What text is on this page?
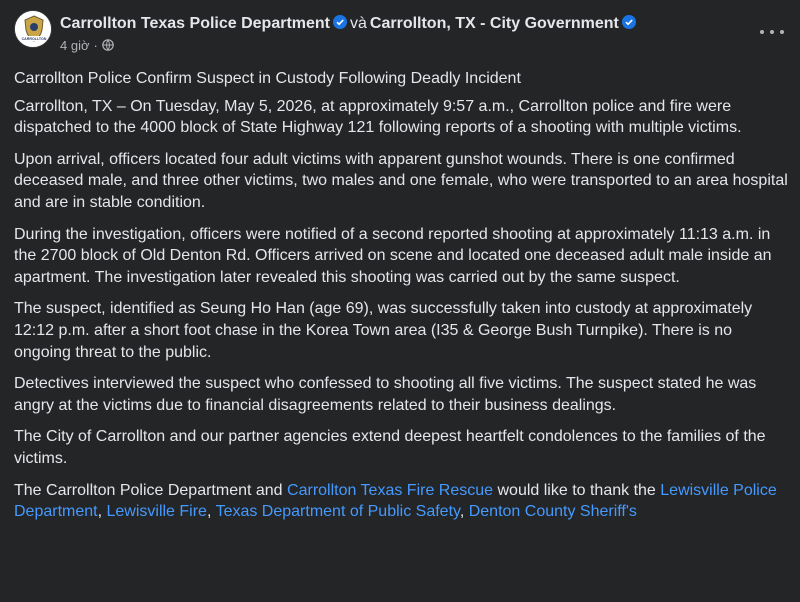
CARROLLTON
Carrollton Texas Police Department và Carrollton, TX - City Government
4 giờ ·

Carrollton Police Confirm Suspect in Custody Following Deadly Incident

Carrollton, TX – On Tuesday, May 5, 2026, at approximately 9:57 a.m., Carrollton police and fire were dispatched to the 4000 block of State Highway 121 following reports of a shooting with multiple victims.

Upon arrival, officers located four adult victims with apparent gunshot wounds. There is one confirmed deceased male, and three other victims, two males and one female, who were transported to an area hospital and are in stable condition.

During the investigation, officers were notified of a second reported shooting at approximately 11:13 a.m. in the 2700 block of Old Denton Rd. Officers arrived on scene and located one deceased adult male inside an apartment. The investigation later revealed this shooting was carried out by the same suspect.

The suspect, identified as Seung Ho Han (age 69), was successfully taken into custody at approximately 12:12 p.m. after a short foot chase in the Korea Town area (I35 & George Bush Turnpike). There is no ongoing threat to the public.

Detectives interviewed the suspect who confessed to shooting all five victims. The suspect stated he was angry at the victims due to financial disagreements related to their business dealings.

The City of Carrollton and our partner agencies extend deepest heartfelt condolences to the families of the victims.

The Carrollton Police Department and Carrollton Texas Fire Rescue would like to thank the Lewisville Police Department, Lewisville Fire, Texas Department of Public Safety, Denton County Sheriff's
